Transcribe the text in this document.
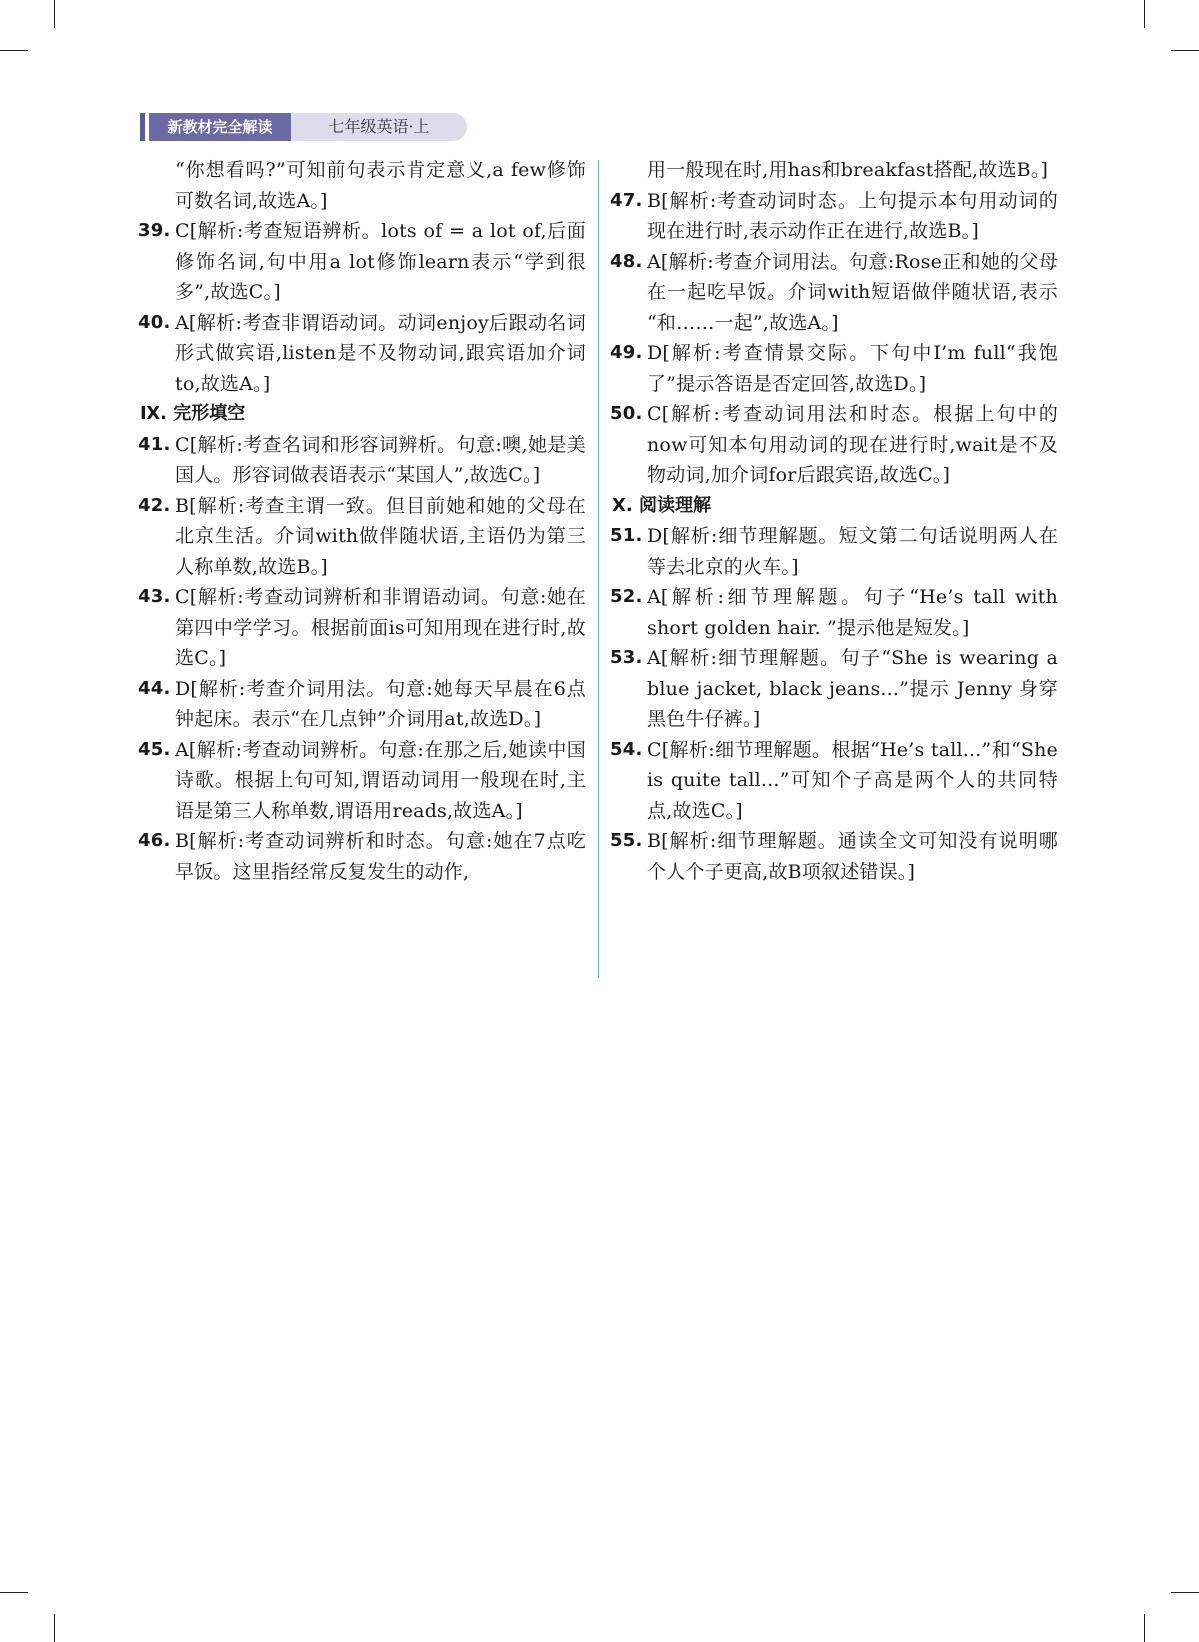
新教材完全解读	七年级英语·上
“你想看吗?”可知前句表示肯定意义,a few修饰可数名词,故选A。]
39. C[解析:考查短语辨析。lots of = a lot of,后面修饰名词,句中用a lot修饰learn表示“学到很多”,故选C。]
40. A[解析:考查非谓语动词。动词enjoy后跟动名词形式做宾语,listen是不及物动词,跟宾语加介词to,故选A。]
Ⅸ. 完形填空
41. C[解析:考查名词和形容词辨析。句意:噢,她是美国人。形容词做表语表示“某国人”,故选C。]
42. B[解析:考查主谓一致。但目前她和她的父母在北京生活。介词with做伴随状语,主语仍为第三人称单数,故选B。]
43. C[解析:考查动词辨析和非谓语动词。句意:她在第四中学学习。根据前面is可知用现在进行时,故选C。]
44. D[解析:考查介词用法。句意:她每天早晨在6点钟起床。表示“在几点钟”介词用at,故选D。]
45. A[解析:考查动词辨析。句意:在那之后,她读中国诗歌。根据上句可知,谓语动词用一般现在时,主语是第三人称单数,谓语用reads,故选A。]
46. B[解析:考查动词辨析和时态。句意:她在7点吃早饭。这里指经常反复发生的动作,
用一般现在时,用has和breakfast搭配,故选B。]
47. B[解析:考查动词时态。上句提示本句用动词的现在进行时,表示动作正在进行,故选B。]
48. A[解析:考查介词用法。句意:Rose正和她的父母在一起吃早饭。介词with短语做伴随状语,表示 “和……一起”,故选A。]
49. D[解析:考查情景交际。下句中I’m full“我饱了”提示答语是否定回答,故选D。]
50. C[解析:考查动词用法和时态。根据上句中的now可知本句用动词的现在进行时,wait是不及物动词,加介词for后跟宾语,故选C。]
Ⅹ. 阅读理解
51. D[解析:细节理解题。短文第二句话说明两人在等去北京的火车。]
52. A[解析:细节理解题。句子“He’s tall with short golden hair. ”提示他是短发。]
53. A[解析:细节理解题。句子“She is wearing a blue jacket, black jeans...”提示 Jenny 身穿黑色牛仔裤。]
54. C[解析:细节理解题。根据“He’s tall...”和“She is quite tall...”可知个子高是两个人的共同特点,故选C。]
55. B[解析:细节理解题。通读全文可知没有说明哪个人个子更高,故B项叙述错误。]
